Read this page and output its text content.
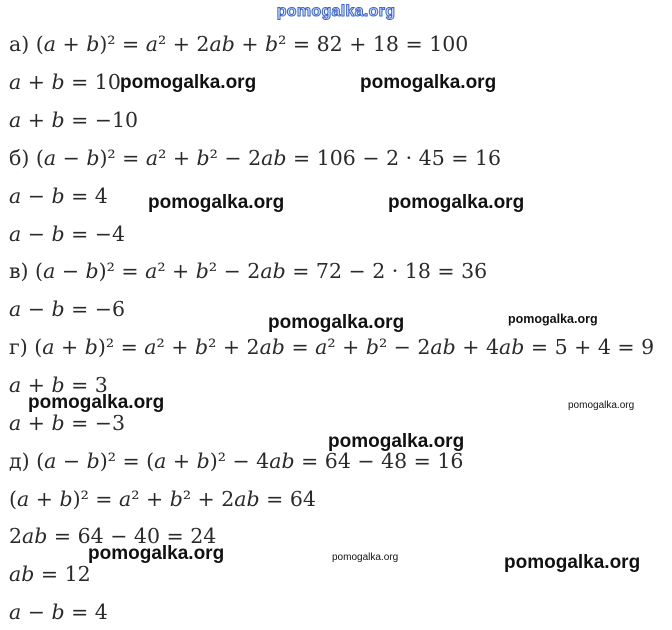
pomogalka.org
а) (a + b)² = a² + 2ab + b² = 82 + 18 = 100
a + b = 10
a + b = −10
б) (a − b)² = a² + b² − 2ab = 106 − 2 · 45 = 16
a − b = 4
a − b = −4
в) (a − b)² = a² + b² − 2ab = 72 − 2 · 18 = 36
a − b = −6
г) (a + b)² = a² + b² + 2ab = a² + b² − 2ab + 4ab = 5 + 4 = 9
a + b = 3
a + b = −3
д) (a − b)² = (a + b)² − 4ab = 64 − 48 = 16
(a + b)² = a² + b² + 2ab = 64
2ab = 64 − 40 = 24
ab = 12
a − b = 4
pomogalka.org	pomogalka.org
pomogalka.org	pomogalka.org
pomogalka.org	pomogalka.org
pomogalka.org	pomogalka.org
pomogalka.org
pomogalka.org	pomogalka.org	pomogalka.org
